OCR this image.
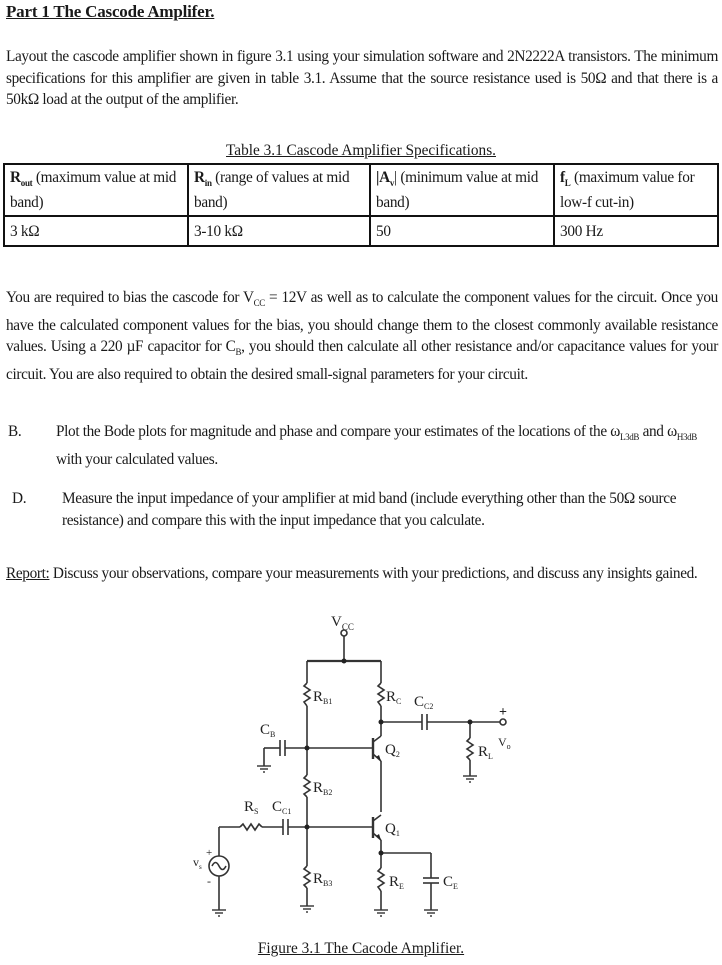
Part 1 The Cascode Amplifer.
Layout the cascode amplifier shown in figure 3.1 using your simulation software and 2N2222A transistors. The minimum specifications for this amplifier are given in table 3.1. Assume that the source resistance used is 50Ω and that there is a 50kΩ load at the output of the amplifier.
Table 3.1 Cascode Amplifier Specifications.
$R_{out}$ (maximum value at mid band)	$R_{in}$ (range of values at mid band)	$|A_v|$ (minimum value at mid band)	$f_L$ (maximum value for low-f cut-in)
3 kΩ	3-10 kΩ	50	300 Hz
You are required to bias the cascode for $V_{CC} = 12V$ as well as to calculate the component values for the circuit. Once you have the calculated component values for the bias, you should change them to the closest commonly available resistance values. Using a 220 µF capacitor for $C_B$, you should then calculate all other resistance and/or capacitance values for your circuit. You are also required to obtain the desired small-signal parameters for your circuit.
B. Plot the Bode plots for magnitude and phase and compare your estimates of the locations of the $\omega_{L3dB}$ and $\omega_{H3dB}$ with your calculated values.
D. Measure the input impedance of your amplifier at mid band (include everything other than the 50Ω source resistance) and compare this with the input impedance that you calculate.
Report: Discuss your observations, compare your measurements with your predictions, and discuss any insights gained.
$V_{CC}$
$R_{B1}$
$R_{B2}$
$R_{B3}$
$R_C$ $C_{C2}$
$C_B$
$Q_2$
$Q_1$
$R_L$
$V_o$
+
$R_S$ $C_{C1}$
$R_E$	$C_E$
$v_s$
+
-
Figure 3.1 The Cacode Amplifier.
